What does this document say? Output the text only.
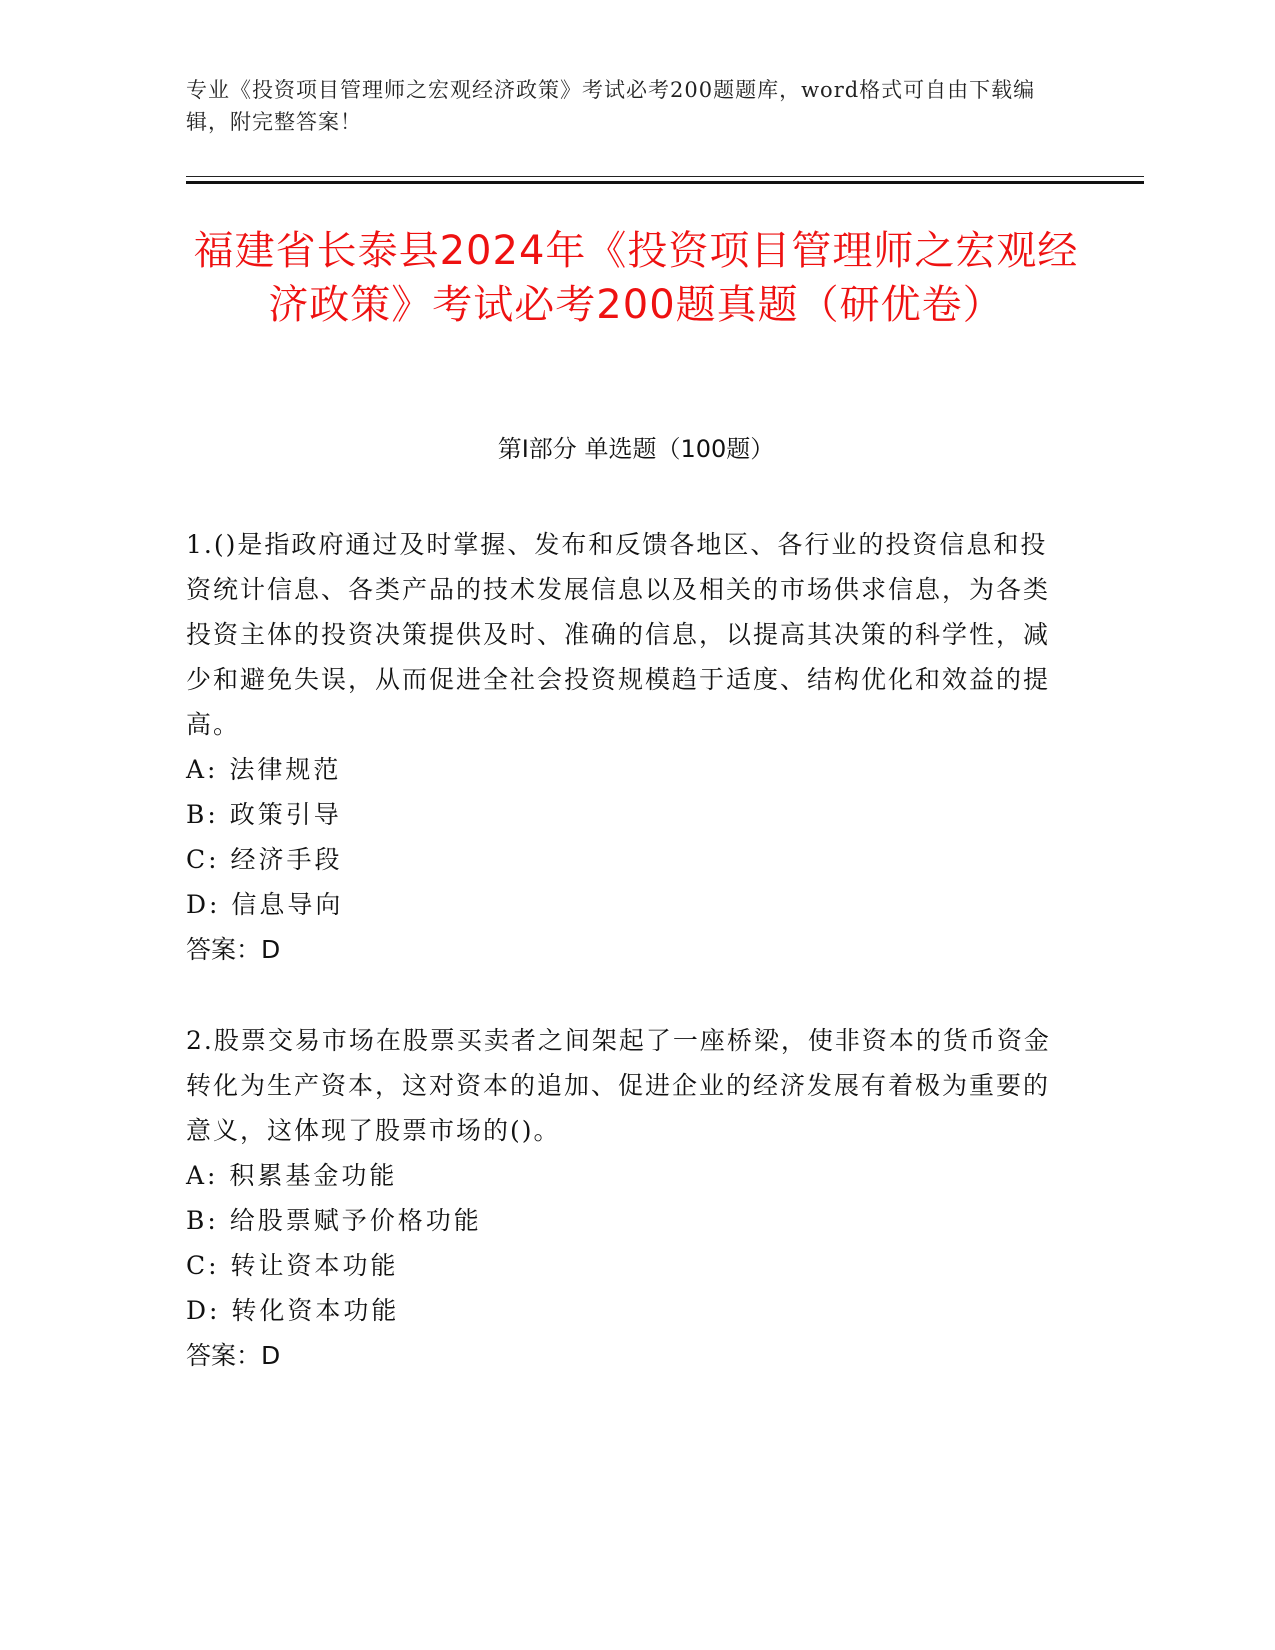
专业《投资项目管理师之宏观经济政策》考试必考200题题库，word格式可自由下载编辑，附完整答案！
福建省长泰县2024年《投资项目管理师之宏观经济政策》考试必考200题真题（研优卷）
第I部分 单选题（100题）

1.()是指政府通过及时掌握、发布和反馈各地区、各行业的投资信息和投资统计信息、各类产品的技术发展信息以及相关的市场供求信息，为各类投资主体的投资决策提供及时、准确的信息，以提高其决策的科学性，减少和避免失误，从而促进全社会投资规模趋于适度、结构优化和效益的提高。

A: 法律规范

B: 政策引导

C: 经济手段

D: 信息导向

答案：D

2.股票交易市场在股票买卖者之间架起了一座桥梁，使非资本的货币资金转化为生产资本，这对资本的追加、促进企业的经济发展有着极为重要的意义，这体现了股票市场的()。

A: 积累基金功能

B: 给股票赋予价格功能

C: 转让资本功能

D: 转化资本功能

答案：D
